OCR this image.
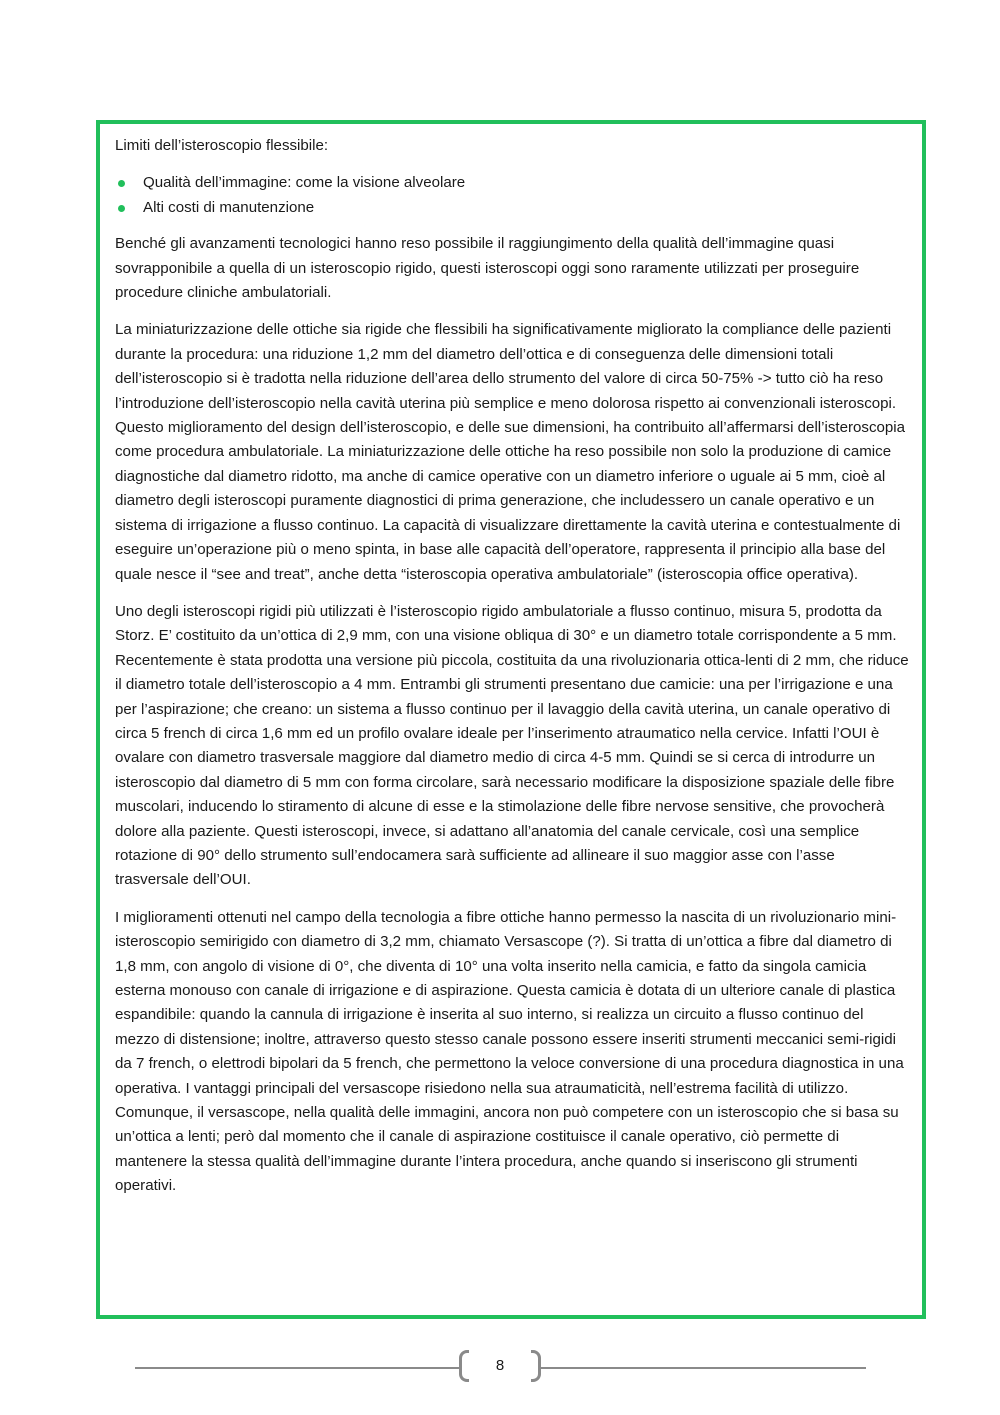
Limiti dell’isteroscopio flessibile:
Qualità dell’immagine: come la visione alveolare
Alti costi di manutenzione

Benché gli avanzamenti tecnologici hanno reso possibile il raggiungimento della qualità dell’immagine quasi sovrapponibile a quella di un isteroscopio rigido, questi isteroscopi oggi sono raramente utilizzati per proseguire procedure cliniche ambulatoriali.

La miniaturizzazione delle ottiche sia rigide che flessibili ha significativamente migliorato la compliance delle pazienti durante la procedura: una riduzione 1,2 mm del diametro dell’ottica e di conseguenza delle dimensioni totali dell’isteroscopio si è tradotta nella riduzione dell’area dello strumento del valore di circa 50-75% -> tutto ciò ha reso l’introduzione dell’isteroscopio nella cavità uterina più semplice e meno dolorosa rispetto ai convenzionali isteroscopi. Questo miglioramento del design dell’isteroscopio, e delle sue dimensioni, ha contribuito all’affermarsi dell’isteroscopia come procedura ambulatoriale. La miniaturizzazione delle ottiche ha reso possibile non solo la produzione di camice diagnostiche dal diametro ridotto, ma anche di camice operative con un diametro inferiore o uguale ai 5 mm, cioè al diametro degli isteroscopi puramente diagnostici di prima generazione, che includessero un canale operativo e un sistema di irrigazione a flusso continuo. La capacità di visualizzare direttamente la cavità uterina e contestualmente di eseguire un’operazione più o meno spinta, in base alle capacità dell’operatore, rappresenta il principio alla base del quale nesce il “see and treat”, anche detta “isteroscopia operativa ambulatoriale” (isteroscopia office operativa).

Uno degli isteroscopi rigidi più utilizzati è l’isteroscopio rigido ambulatoriale a flusso continuo, misura 5, prodotta da Storz. E’ costituito da un’ottica di 2,9 mm, con una visione obliqua di 30° e un diametro totale corrispondente a 5 mm. Recentemente è stata prodotta una versione più piccola, costituita da una rivoluzionaria ottica-lenti di 2 mm, che riduce il diametro totale dell’isteroscopio a 4 mm. Entrambi gli strumenti presentano due camicie: una per l’irrigazione e una per l’aspirazione; che creano: un sistema a flusso continuo per il lavaggio della cavità uterina, un canale operativo di circa 5 french di circa 1,6 mm ed un profilo ovalare ideale per l’inserimento atraumatico nella cervice. Infatti l’OUI è ovalare con diametro trasversale maggiore dal diametro medio di circa 4-5 mm. Quindi se si cerca di introdurre un isteroscopio dal diametro di 5 mm con forma circolare, sarà necessario modificare la disposizione spaziale delle fibre muscolari, inducendo lo stiramento di alcune di esse e la stimolazione delle fibre nervose sensitive, che provocherà dolore alla paziente. Questi isteroscopi, invece, si adattano all’anatomia del canale cervicale, così una semplice rotazione di 90° dello strumento sull’endocamera sarà sufficiente ad allineare il suo maggior asse con l’asse trasversale dell’OUI.

I miglioramenti ottenuti nel campo della tecnologia a fibre ottiche hanno permesso la nascita di un rivoluzionario mini-isteroscopio semirigido con diametro di 3,2 mm, chiamato Versascope (?). Si tratta di un’ottica a fibre dal diametro di 1,8 mm, con angolo di visione di 0°, che diventa di 10° una volta inserito nella camicia, e fatto da singola camicia esterna monouso con canale di irrigazione e di aspirazione. Questa camicia è dotata di un ulteriore canale di plastica espandibile: quando la cannula di irrigazione è inserita al suo interno, si realizza un circuito a flusso continuo del mezzo di distensione; inoltre, attraverso questo stesso canale possono essere inseriti strumenti meccanici semi-rigidi da 7 french, o elettrodi bipolari da 5 french, che permettono la veloce conversione di una procedura diagnostica in una operativa. I vantaggi principali del versascope risiedono nella sua atraumaticità, nell’estrema facilità di utilizzo. Comunque, il versascope, nella qualità delle immagini, ancora non può competere con un isteroscopio che si basa su un’ottica a lenti; però dal momento che il canale di aspirazione costituisce il canale operativo, ciò permette di mantenere la stessa qualità dell’immagine durante l’intera procedura, anche quando si inseriscono gli strumenti operativi.

8
